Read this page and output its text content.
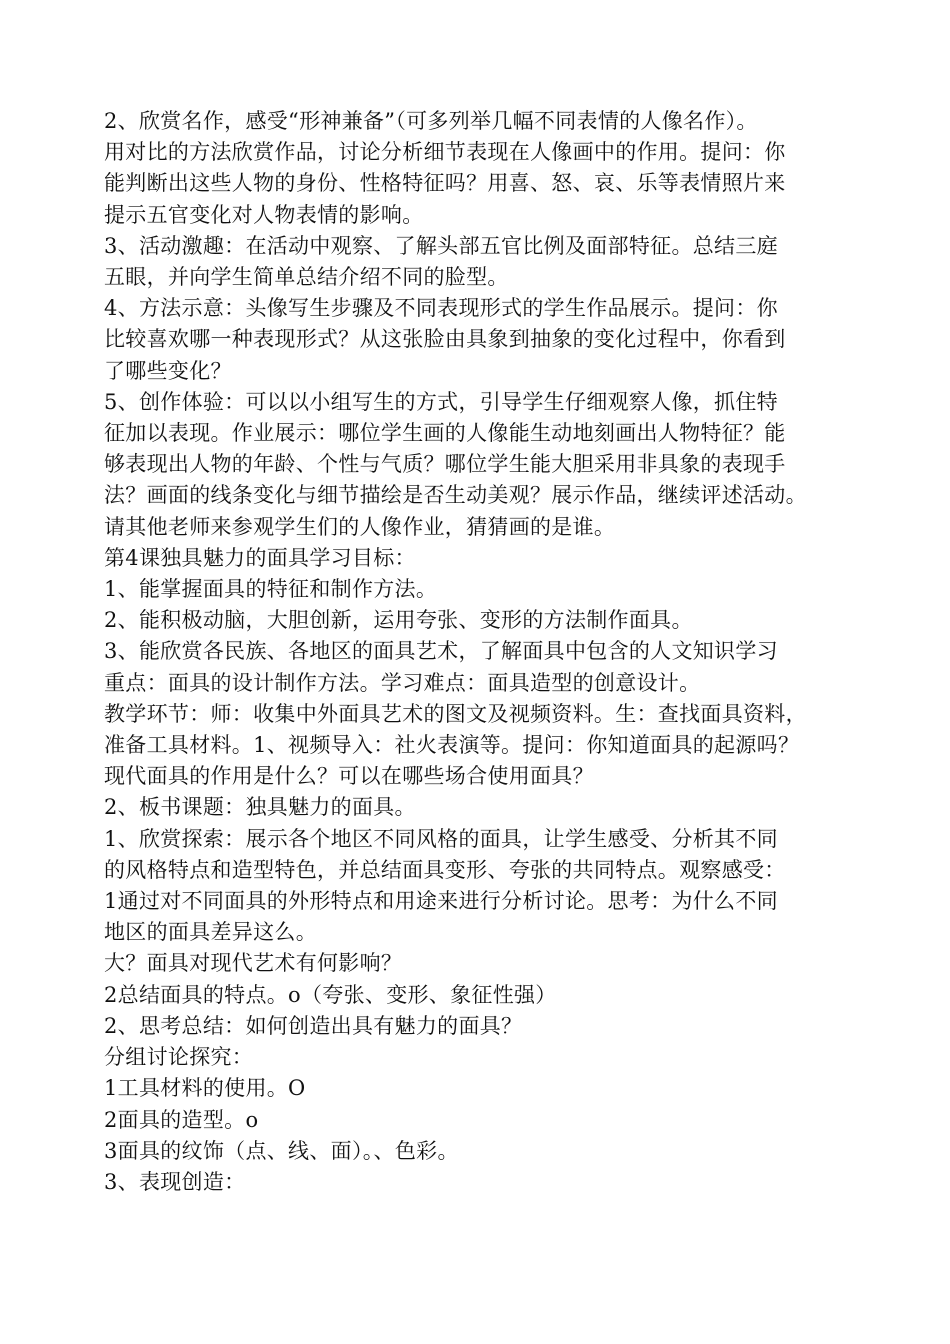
2、欣赏名作，感受“形神兼备”（可多列举几幅不同表情的人像名作）。
用对比的方法欣赏作品，讨论分析细节表现在人像画中的作用。提问：你
能判断出这些人物的身份、性格特征吗？用喜、怒、哀、乐等表情照片来
提示五官变化对人物表情的影响。
3、活动激趣：在活动中观察、了解头部五官比例及面部特征。总结三庭
五眼，并向学生简单总结介绍不同的脸型。
4、方法示意：头像写生步骤及不同表现形式的学生作品展示。提问：你
比较喜欢哪一种表现形式？从这张脸由具象到抽象的变化过程中，你看到
了哪些变化？
5、创作体验：可以以小组写生的方式，引导学生仔细观察人像，抓住特
征加以表现。作业展示：哪位学生画的人像能生动地刻画出人物特征？能
够表现出人物的年龄、个性与气质？哪位学生能大胆采用非具象的表现手
法？画面的线条变化与细节描绘是否生动美观？展示作品，继续评述活动。
请其他老师来参观学生们的人像作业，猜猜画的是谁。
第4课独具魅力的面具学习目标：
1、能掌握面具的特征和制作方法。
2、能积极动脑，大胆创新，运用夸张、变形的方法制作面具。
3、能欣赏各民族、各地区的面具艺术，了解面具中包含的人文知识学习
重点：面具的设计制作方法。学习难点：面具造型的创意设计。
教学环节：师：收集中外面具艺术的图文及视频资料。生：查找面具资料，
准备工具材料。1、视频导入：社火表演等。提问：你知道面具的起源吗？
现代面具的作用是什么？可以在哪些场合使用面具？
2、板书课题：独具魅力的面具。
1、欣赏探索：展示各个地区不同风格的面具，让学生感受、分析其不同
的风格特点和造型特色，并总结面具变形、夸张的共同特点。观察感受：
1通过对不同面具的外形特点和用途来进行分析讨论。思考：为什么不同
地区的面具差异这么。
大？面具对现代艺术有何影响？
2总结面具的特点。o（夸张、变形、象征性强）
2、思考总结：如何创造出具有魅力的面具？
分组讨论探究：
1工具材料的使用。O
2面具的造型。o
3面具的纹饰（点、线、面）。、色彩。
3、表现创造：
